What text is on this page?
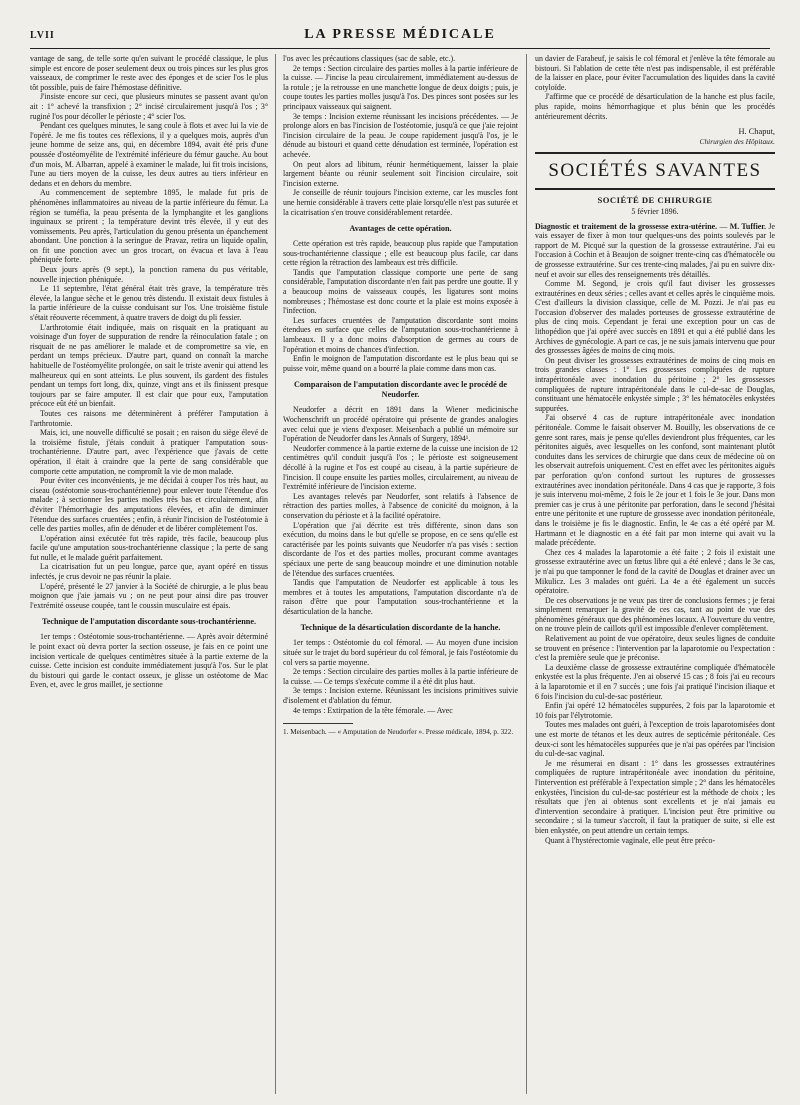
LVII	LA PRESSE MÉDICALE

vantage de sang, de telle sorte qu'en suivant le procédé classique, le plus simple est encore de poser seulement deux ou trois pinces sur les plus gros vaisseaux, de comprimer le reste avec des éponges et de scier l'os le plus tôt possible, puis de faire l'hémostase définitive.

J'insiste encore sur ceci, que plusieurs minutes se passent avant qu'on ait : 1° achevé la transfixion ; 2° incisé circulairement jusqu'à l'os ; 3° ruginé l'os pour décoller le périoste ; 4° scier l'os.

Pendant ces quelques minutes, le sang coule à flots et avec lui la vie de l'opéré. Je me fis toutes ces réflexions, il y a quelques mois, auprès d'un jeune homme de seize ans, qui, en décembre 1894, avait été pris d'une poussée d'ostéomyélite de l'extrémité inférieure du fémur gauche. Au bout d'un mois, M. Albarran, appelé à examiner le malade, lui fit trois incisions, l'une au tiers moyen de la cuisse, les deux autres au tiers inférieur en dedans et en dehors du membre.

Au commencement de septembre 1895, le malade fut pris de phénomènes inflammatoires au niveau de la partie inférieure du fémur. La région se tuméfia, la peau présenta de la lymphangite et les ganglions inguinaux se prirent ; la température devint très élevée, il y eut des vomissements. Peu après, l'articulation du genou présenta un épanchement abondant. Une ponction à la seringue de Pravaz, retira un liquide opalin, on fit une ponction avec un gros trocart, on évacua et lava à l'eau phéniquée forte.

Deux jours après (9 sept.), la ponction ramena du pus véritable, nouvelle injection phéniquée.

Le 11 septembre, l'état général était très grave, la température très élevée, la langue sèche et le genou très distendu. Il existait deux fistules à la partie inférieure de la cuisse conduisant sur l'os. Une troisième fistule s'était réouverte récemment, à quatre travers de doigt du pli fessier.

L'arthrotomie était indiquée, mais on risquait en la pratiquant au voisinage d'un foyer de suppuration de rendre la réinoculation fatale ; on risquait de ne pas améliorer le malade et de compromettre sa vie, en perdant un temps précieux. D'autre part, quand on connaît la marche habituelle de l'ostéomyélite prolongée, on sait le triste avenir qui attend les malheureux qui en sont atteints. Le plus souvent, ils gardent des fistules pendant un temps fort long, dix, quinze, vingt ans et ils finissent presque toujours par se faire amputer. Il est clair que pour eux, l'amputation précoce eût été un bienfait.

Toutes ces raisons me déterminèrent à préférer l'amputation à l'arthrotomie.

Mais, ici, une nouvelle difficulté se posait ; en raison du siège élevé de la troisième fistule, j'étais conduit à pratiquer l'amputation sous-trochantérienne. D'autre part, avec l'expérience que j'avais de cette opération, il était à craindre que la perte de sang considérable que comporte cette amputation, ne compromît la vie de mon malade.

Pour éviter ces inconvénients, je me décidai à couper l'os très haut, au ciseau (ostéotomie sous-trochantérienne) pour enlever toute l'étendue d'os malade ; à sectionner les parties molles très bas et circulairement, afin d'éviter l'hémorrhagie des amputations élevées, et afin de diminuer l'étendue des surfaces cruentées ; enfin, à réunir l'incision de l'ostéotomie à celle des parties molles, afin de dénuder et de libérer complètement l'os.

L'opération ainsi exécutée fut très rapide, très facile, beaucoup plus facile qu'une amputation sous-trochantérienne classique ; la perte de sang fut nulle, et le malade guérit parfaitement.

La cicatrisation fut un peu longue, parce que, ayant opéré en tissus infectés, je crus devoir ne pas réunir la plaie.

L'opéré, présenté le 27 janvier à la Société de chirurgie, a le plus beau moignon que j'aie jamais vu ; on ne peut pour ainsi dire pas trouver l'extrémité osseuse coupée, tant le coussin musculaire est épais.

Technique de l'amputation discordante sous-trochantérienne.

1er temps : Ostéotomie sous-trochantérienne. — Après avoir déterminé le point exact où devra porter la section osseuse, je fais en ce point une incision verticale de quelques centimètres située à la partie externe de la cuisse. Cette incision est conduite immédiatement jusqu'à l'os. Sur le plat du bistouri qui garde le contact osseux, je glisse un ostéotome de Mac Even, et, avec le gros maillet, je sectionne

l'os avec les précautions classiques (sac de sable, etc.).

2e temps : Section circulaire des parties molles à la partie inférieure de la cuisse. — J'incise la peau circulairement, immédiatement au-dessus de la rotule ; je la retrousse en une manchette longue de deux doigts ; puis, je coupe toutes les parties molles jusqu'à l'os. Des pinces sont posées sur les principaux vaisseaux qui saignent.

3e temps : Incision externe réunissant les incisions précédentes. — Je prolonge alors en bas l'incision de l'ostéotomie, jusqu'à ce que j'aie rejoint l'incision circulaire de la peau. Je coupe rapidement jusqu'à l'os, je le dénude au bistouri et quand cette dénudation est terminée, l'opération est achevée.

On peut alors ad libitum, réunir hermétiquement, laisser la plaie largement béante ou réunir seulement soit l'incision circulaire, soit l'incision externe.

Je conseille de réunir toujours l'incision externe, car les muscles font une hernie considérable à travers cette plaie lorsqu'elle n'est pas suturée et la cicatrisation s'en trouve considérablement retardée.

Avantages de cette opération.

Cette opération est très rapide, beaucoup plus rapide que l'amputation sous-trochantérienne classique ; elle est beaucoup plus facile, car dans cette région la rétraction des lambeaux est très difficile.

Tandis que l'amputation classique comporte une perte de sang considérable, l'amputation discordante n'en fait pas perdre une goutte. Il y a beaucoup moins de vaisseaux coupés, les ligatures sont moins nombreuses ; l'hémostase est donc courte et la plaie est moins exposée à l'infection.

Les surfaces cruentées de l'amputation discordante sont moins étendues en surface que celles de l'amputation sous-trochantérienne à lambeaux. Il y a donc moins d'absorption de germes au cours de l'opération et moins de chances d'infection.

Enfin le moignon de l'amputation discordante est le plus beau qui se puisse voir, même quand on a bourré la plaie comme dans mon cas.

Comparaison de l'amputation discordante avec le procédé de Neudorfer.

Neudorfer a décrit en 1891 dans la Wiener medicinische Wochenschrift un procédé opératoire qui présente de grandes analogies avec celui que je viens d'exposer. Meisenbach a publié un mémoire sur l'opération de Neudorfer dans les Annals of Surgery, 1894¹.

Neudorfer commence à la partie externe de la cuisse une incision de 12 centimètres qu'il conduit jusqu'à l'os ; le périoste est soigneusement décollé à la rugine et l'os est coupé au ciseau, à la partie supérieure de l'incision. Il coupe ensuite les parties molles, circulairement, au niveau de l'extrémité inférieure de l'incision externe.

Les avantages relevés par Neudorfer, sont relatifs à l'absence de rétraction des parties molles, à l'absence de conicité du moignon, à la conservation du périoste et à la facilité opératoire.

L'opération que j'ai décrite est très différente, sinon dans son exécution, du moins dans le but qu'elle se propose, en ce sens qu'elle est caractérisée par les points suivants que Neudorfer n'a pas visés : section discordante de l'os et des parties molles, procurant comme avantages spéciaux une perte de sang beaucoup moindre et une diminution notable de l'étendue des surfaces cruentées.

Tandis que l'amputation de Neudorfer est applicable à tous les membres et à toutes les amputations, l'amputation discordante n'a de raison d'être que pour l'amputation sous-trochantérienne et la désarticulation de la hanche.

Technique de la désarticulation discordante de la hanche.

1er temps : Ostéotomie du col fémoral. — Au moyen d'une incision située sur le trajet du bord supérieur du col fémoral, je fais l'ostéotomie du col vers sa partie moyenne.

2e temps : Section circulaire des parties molles à la partie inférieure de la cuisse. — Ce temps s'exécute comme il a été dit plus haut.

3e temps : Incision externe. Réunissant les incisions primitives suivie d'isolement et d'ablation du fémur.

4e temps : Extirpation de la tête fémorale. — Avec

1. Meisenbach. — « Amputation de Neudorfer ». Presse médicale, 1894, p. 322.

un davier de Farabeuf, je saisis le col fémoral et j'enlève la tête fémorale au bistouri. Si l'ablation de cette tête n'est pas indispensable, il est préférable de la laisser en place, pour éviter l'accumulation des liquides dans la cavité cotyloïde.

J'affirme que ce procédé de désarticulation de la hanche est plus facile, plus rapide, moins hémorrhagique et plus bénin que les procédés antérieurement décrits.

H. Chaput,
Chirurgien des Hôpitaux.
SOCIÉTÉS SAVANTES
SOCIÉTÉ DE CHIRURGIE
5 février 1896.

Diagnostic et traitement de la grossesse extra-utérine. — M. Tuffier. Je vais essayer de fixer à mon tour quelques-uns des points soulevés par le rapport de M. Picqué sur la question de la grossesse extrautérine. J'ai eu l'occasion à Cochin et à Beaujon de soigner trente-cinq cas d'hématocèle ou de grossesse extrautérine. Sur ces trente-cinq malades, j'ai pu en suivre dix-neuf et avoir sur elles des renseignements très détaillés.

Comme M. Segond, je crois qu'il faut diviser les grossesses extrautérines en deux séries ; celles avant et celles après le cinquième mois. C'est d'ailleurs la division classique, celle de M. Pozzi. Je n'ai pas eu l'occasion d'observer des malades porteuses de grossesse extrautérine de plus de cinq mois. Cependant je ferai une exception pour un cas de lithopédion que j'ai opéré avec succès en 1891 et qui a été publié dans les Archives de gynécologie. A part ce cas, je ne suis jamais intervenu que pour des grossesses âgées de moins de cinq mois.

On peut diviser les grossesses extrautérines de moins de cinq mois en trois grandes classes : 1° Les grossesses compliquées de rupture intrapéritonéale avec inondation du péritoine ; 2° les grossesses compliquées de rupture intrapéritonéale dans le cul-de-sac de Douglas, constituant une hématocèle enkystée simple ; 3° les hématocèles enkystées suppurées.

J'ai observé 4 cas de rupture intrapéritonéale avec inondation péritonéale. Comme le faisait observer M. Bouilly, les observations de ce genre sont rares, mais je pense qu'elles deviendront plus fréquentes, car les péritonites aiguës, avec lesquelles on les confond, sont maintenant plutôt conduites dans les services de chirurgie que dans ceux de médecine où on les observait autrefois uniquement. C'est en effet avec les péritonites aiguës par perforation qu'on confond surtout les ruptures de grossesses extrautérines avec inondation péritonéale. Dans 4 cas que je rapporte, 3 fois je suis intervenu moi-même, 2 fois le 2e jour et 1 fois le 3e jour. Dans mon premier cas je crus à une péritonite par perforation, dans le second j'hésitai entre une péritonite et une rupture de grossesse avec inondation péritonéale, dans le troisième je fis le diagnostic. Enfin, le 4e cas a été opéré par M. Hartmann et le diagnostic en a été fait par mon interne qui avait vu la malade précédente.

Chez ces 4 malades la laparotomie a été faite ; 2 fois il existait une grossesse extrautérine avec un fœtus libre qui a été enlevé ; dans le 3e cas, je n'ai pu que tamponner le fond de la cavité de Douglas et drainer avec un Mikulicz. Les 3 malades ont guéri. La 4e a été également un succès opératoire.

De ces observations je ne veux pas tirer de conclusions fermes ; je ferai simplement remarquer la gravité de ces cas, tant au point de vue des phénomènes généraux que des phénomènes locaux. A l'ouverture du ventre, on ne trouve plein de caillots qu'il est impossible d'enlever complètement.

Relativement au point de vue opératoire, deux seules lignes de conduite se trouvent en présence : l'intervention par la laparotomie ou l'expectation : c'est la première seule que je préconise.

La deuxième classe de grossesse extrautérine compliquée d'hématocèle enkystée est la plus fréquente. J'en ai observé 15 cas ; 8 fois j'ai eu recours à la laparotomie et il en 7 succès ; une fois j'ai pratiqué l'incision iliaque et 6 fois l'incision du cul-de-sac postérieur.

Enfin j'ai opéré 12 hématocèles suppurées, 2 fois par la laparotomie et 10 fois par l'élytrotomie.

Toutes mes malades ont guéri, à l'exception de trois laparotomisées dont une est morte de tétanos et les deux autres de septicémie péritonéale. Ces deux-ci sont les hématocèles suppurées que je n'ai pas opérées par l'incision du cul-de-sac vaginal.

Je me résumerai en disant : 1° dans les grossesses extrautérines compliquées de rupture intrapéritonéale avec inondation du péritoine, l'intervention est préférable à l'expectation simple ; 2° dans les hématocèles enkystées, l'incision du cul-de-sac postérieur est la méthode de choix ; les résultats que j'en ai obtenus sont excellents et je n'ai jamais eu d'intervention secondaire à pratiquer. L'incision peut être primitive ou secondaire ; si la tumeur s'accroît, il faut la pratiquer de suite, si elle est bien enkystée, on peut attendre un certain temps.

Quant à l'hystérectomie vaginale, elle peut être préco-
